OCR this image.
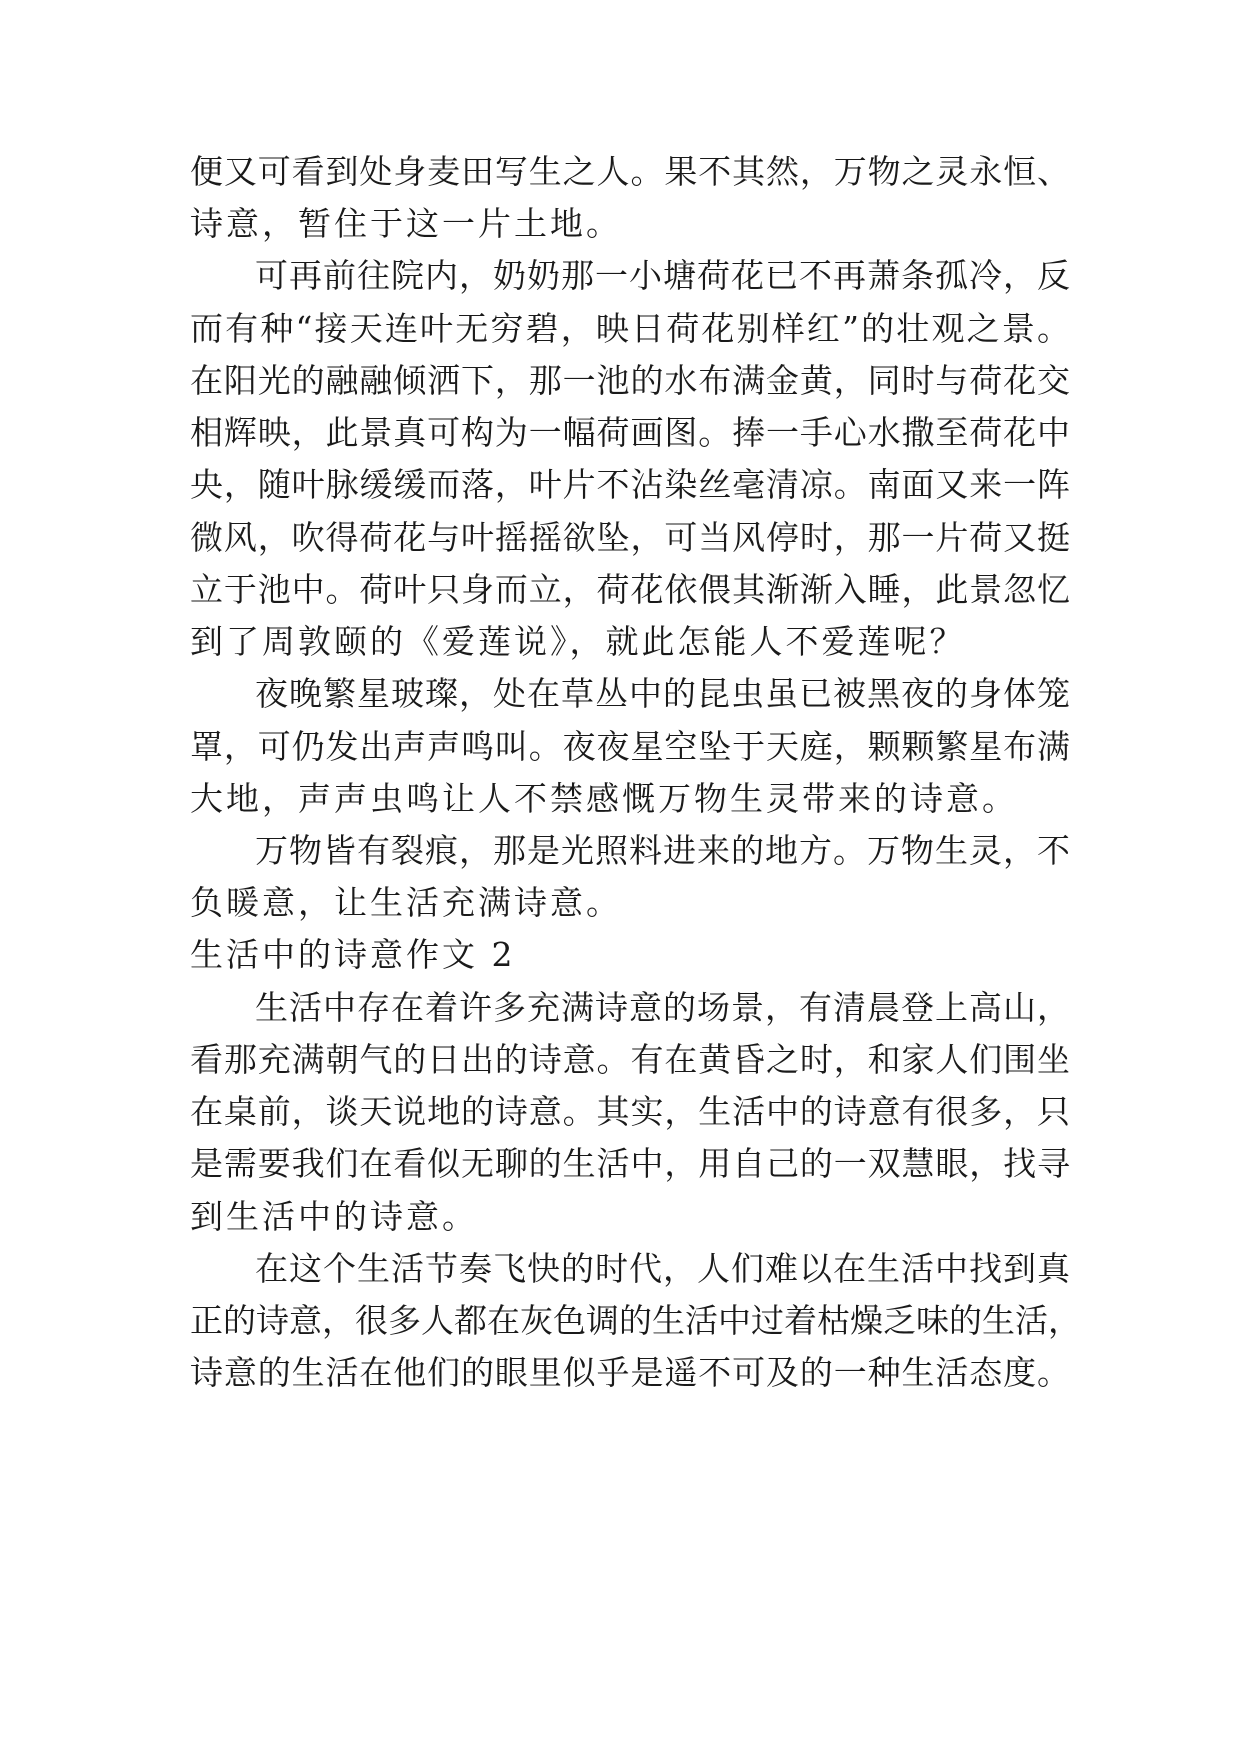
便又可看到处身麦田写生之人。果不其然，万物之灵永恒、
诗意，暂住于这一片土地。
可再前往院内，奶奶那一小塘荷花已不再萧条孤冷，反
而有种“接天连叶无穷碧，映日荷花别样红”的壮观之景。
在阳光的融融倾洒下，那一池的水布满金黄，同时与荷花交
相辉映，此景真可构为一幅荷画图。捧一手心水撒至荷花中
央，随叶脉缓缓而落，叶片不沾染丝毫清凉。南面又来一阵
微风，吹得荷花与叶摇摇欲坠，可当风停时，那一片荷又挺
立于池中。荷叶只身而立，荷花依偎其渐渐入睡，此景忽忆
到了周敦颐的《爱莲说》，就此怎能人不爱莲呢？
夜晚繁星玻璨，处在草丛中的昆虫虽已被黑夜的身体笼
罩，可仍发出声声鸣叫。夜夜星空坠于天庭，颗颗繁星布满
大地，声声虫鸣让人不禁感慨万物生灵带来的诗意。
万物皆有裂痕，那是光照料进来的地方。万物生灵，不
负暖意，让生活充满诗意。
生活中的诗意作文 2
生活中存在着许多充满诗意的场景，有清晨登上高山，
看那充满朝气的日出的诗意。有在黄昏之时，和家人们围坐
在桌前，谈天说地的诗意。其实，生活中的诗意有很多，只
是需要我们在看似无聊的生活中，用自己的一双慧眼，找寻
到生活中的诗意。
在这个生活节奏飞快的时代，人们难以在生活中找到真
正的诗意，很多人都在灰色调的生活中过着枯燥乏味的生活，
诗意的生活在他们的眼里似乎是遥不可及的一种生活态度。
